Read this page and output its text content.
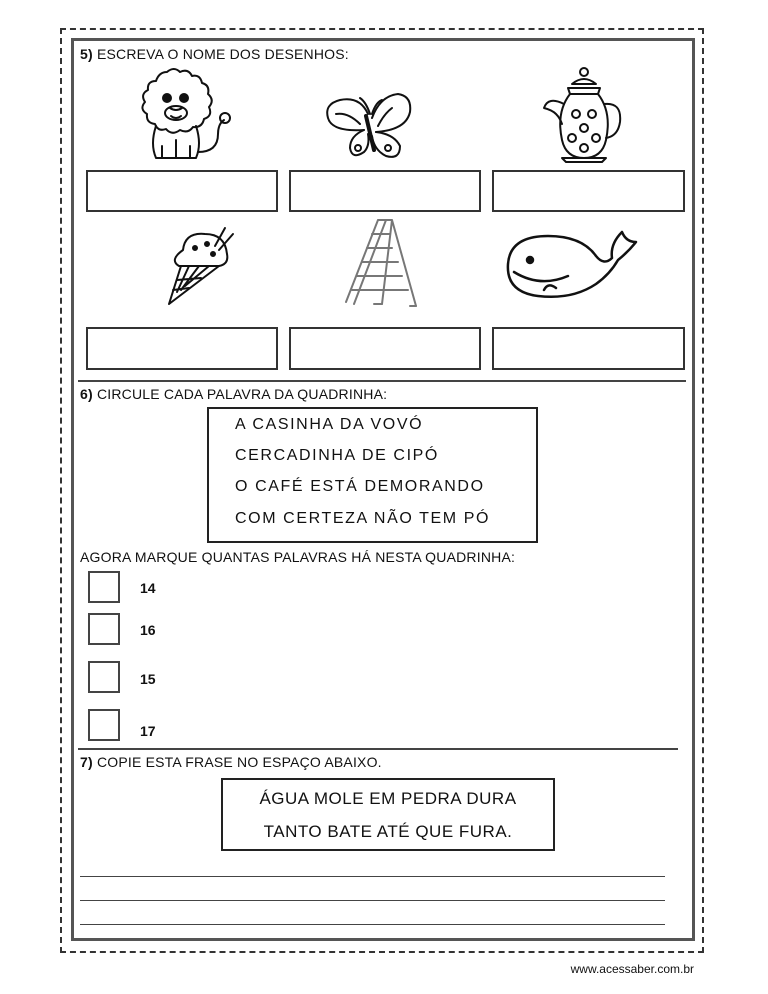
5) ESCREVA O NOME DOS DESENHOS:
6) CIRCULE CADA PALAVRA DA QUADRINHA:
A CASINHA DA VOVÓ
CERCADINHA DE CIPÓ
O CAFÉ ESTÁ DEMORANDO
COM CERTEZA NÃO TEM PÓ
AGORA MARQUE QUANTAS PALAVRAS HÁ NESTA QUADRINHA:
14
16
15
17
7) COPIE ESTA FRASE NO ESPAÇO ABAIXO.
ÁGUA MOLE EM PEDRA DURA
TANTO BATE ATÉ QUE FURA.
www.acessaber.com.br
